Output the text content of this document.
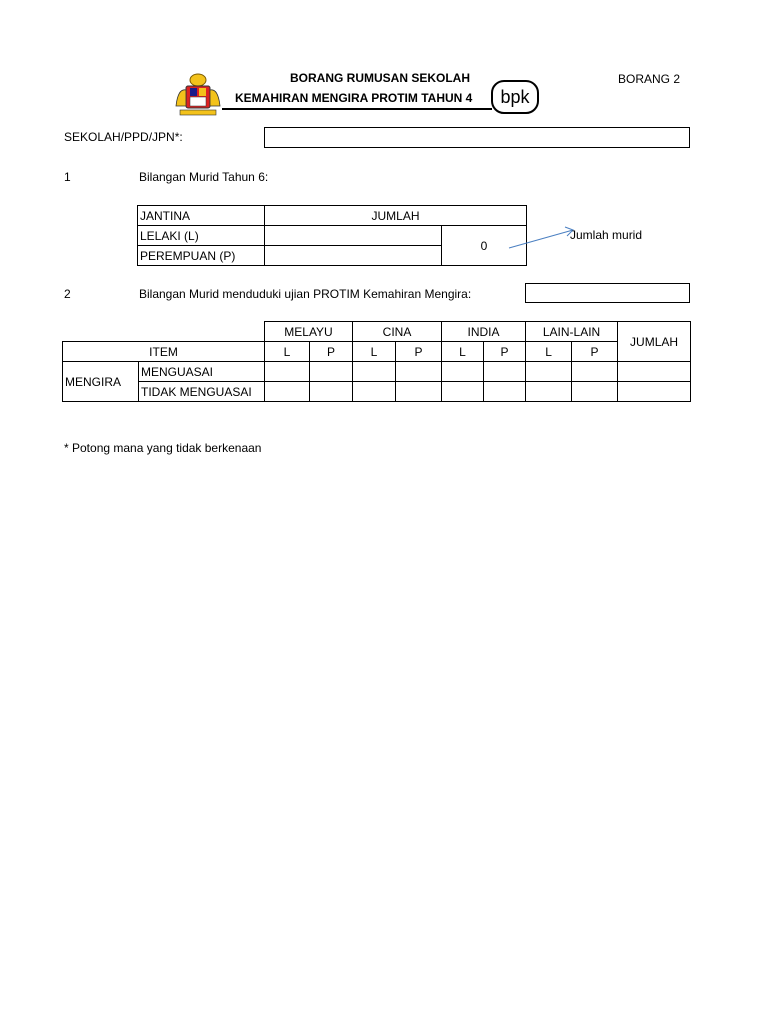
BORANG RUMUSAN SEKOLAH
KEMAHIRAN MENGIRA PROTIM TAHUN 4 bpk
BORANG 2
SEKOLAH/PPD/JPN*:
1	Bilangan Murid Tahun 6:
JANTINA	JUMLAH	
LELAKI (L)		0
PEREMPUAN (P)		
Jumlah murid
2	Bilangan Murid menduduki ujian PROTIM Kemahiran Mengira:
		MELAYU		CINA		INDIA		LAIN-LAIN		JUMLAH
ITEM		L	P	L	P	L	P	L	P	
MENGIRA	MENGUASAI									
	TIDAK MENGUASAI									
* Potong mana yang tidak berkenaan
